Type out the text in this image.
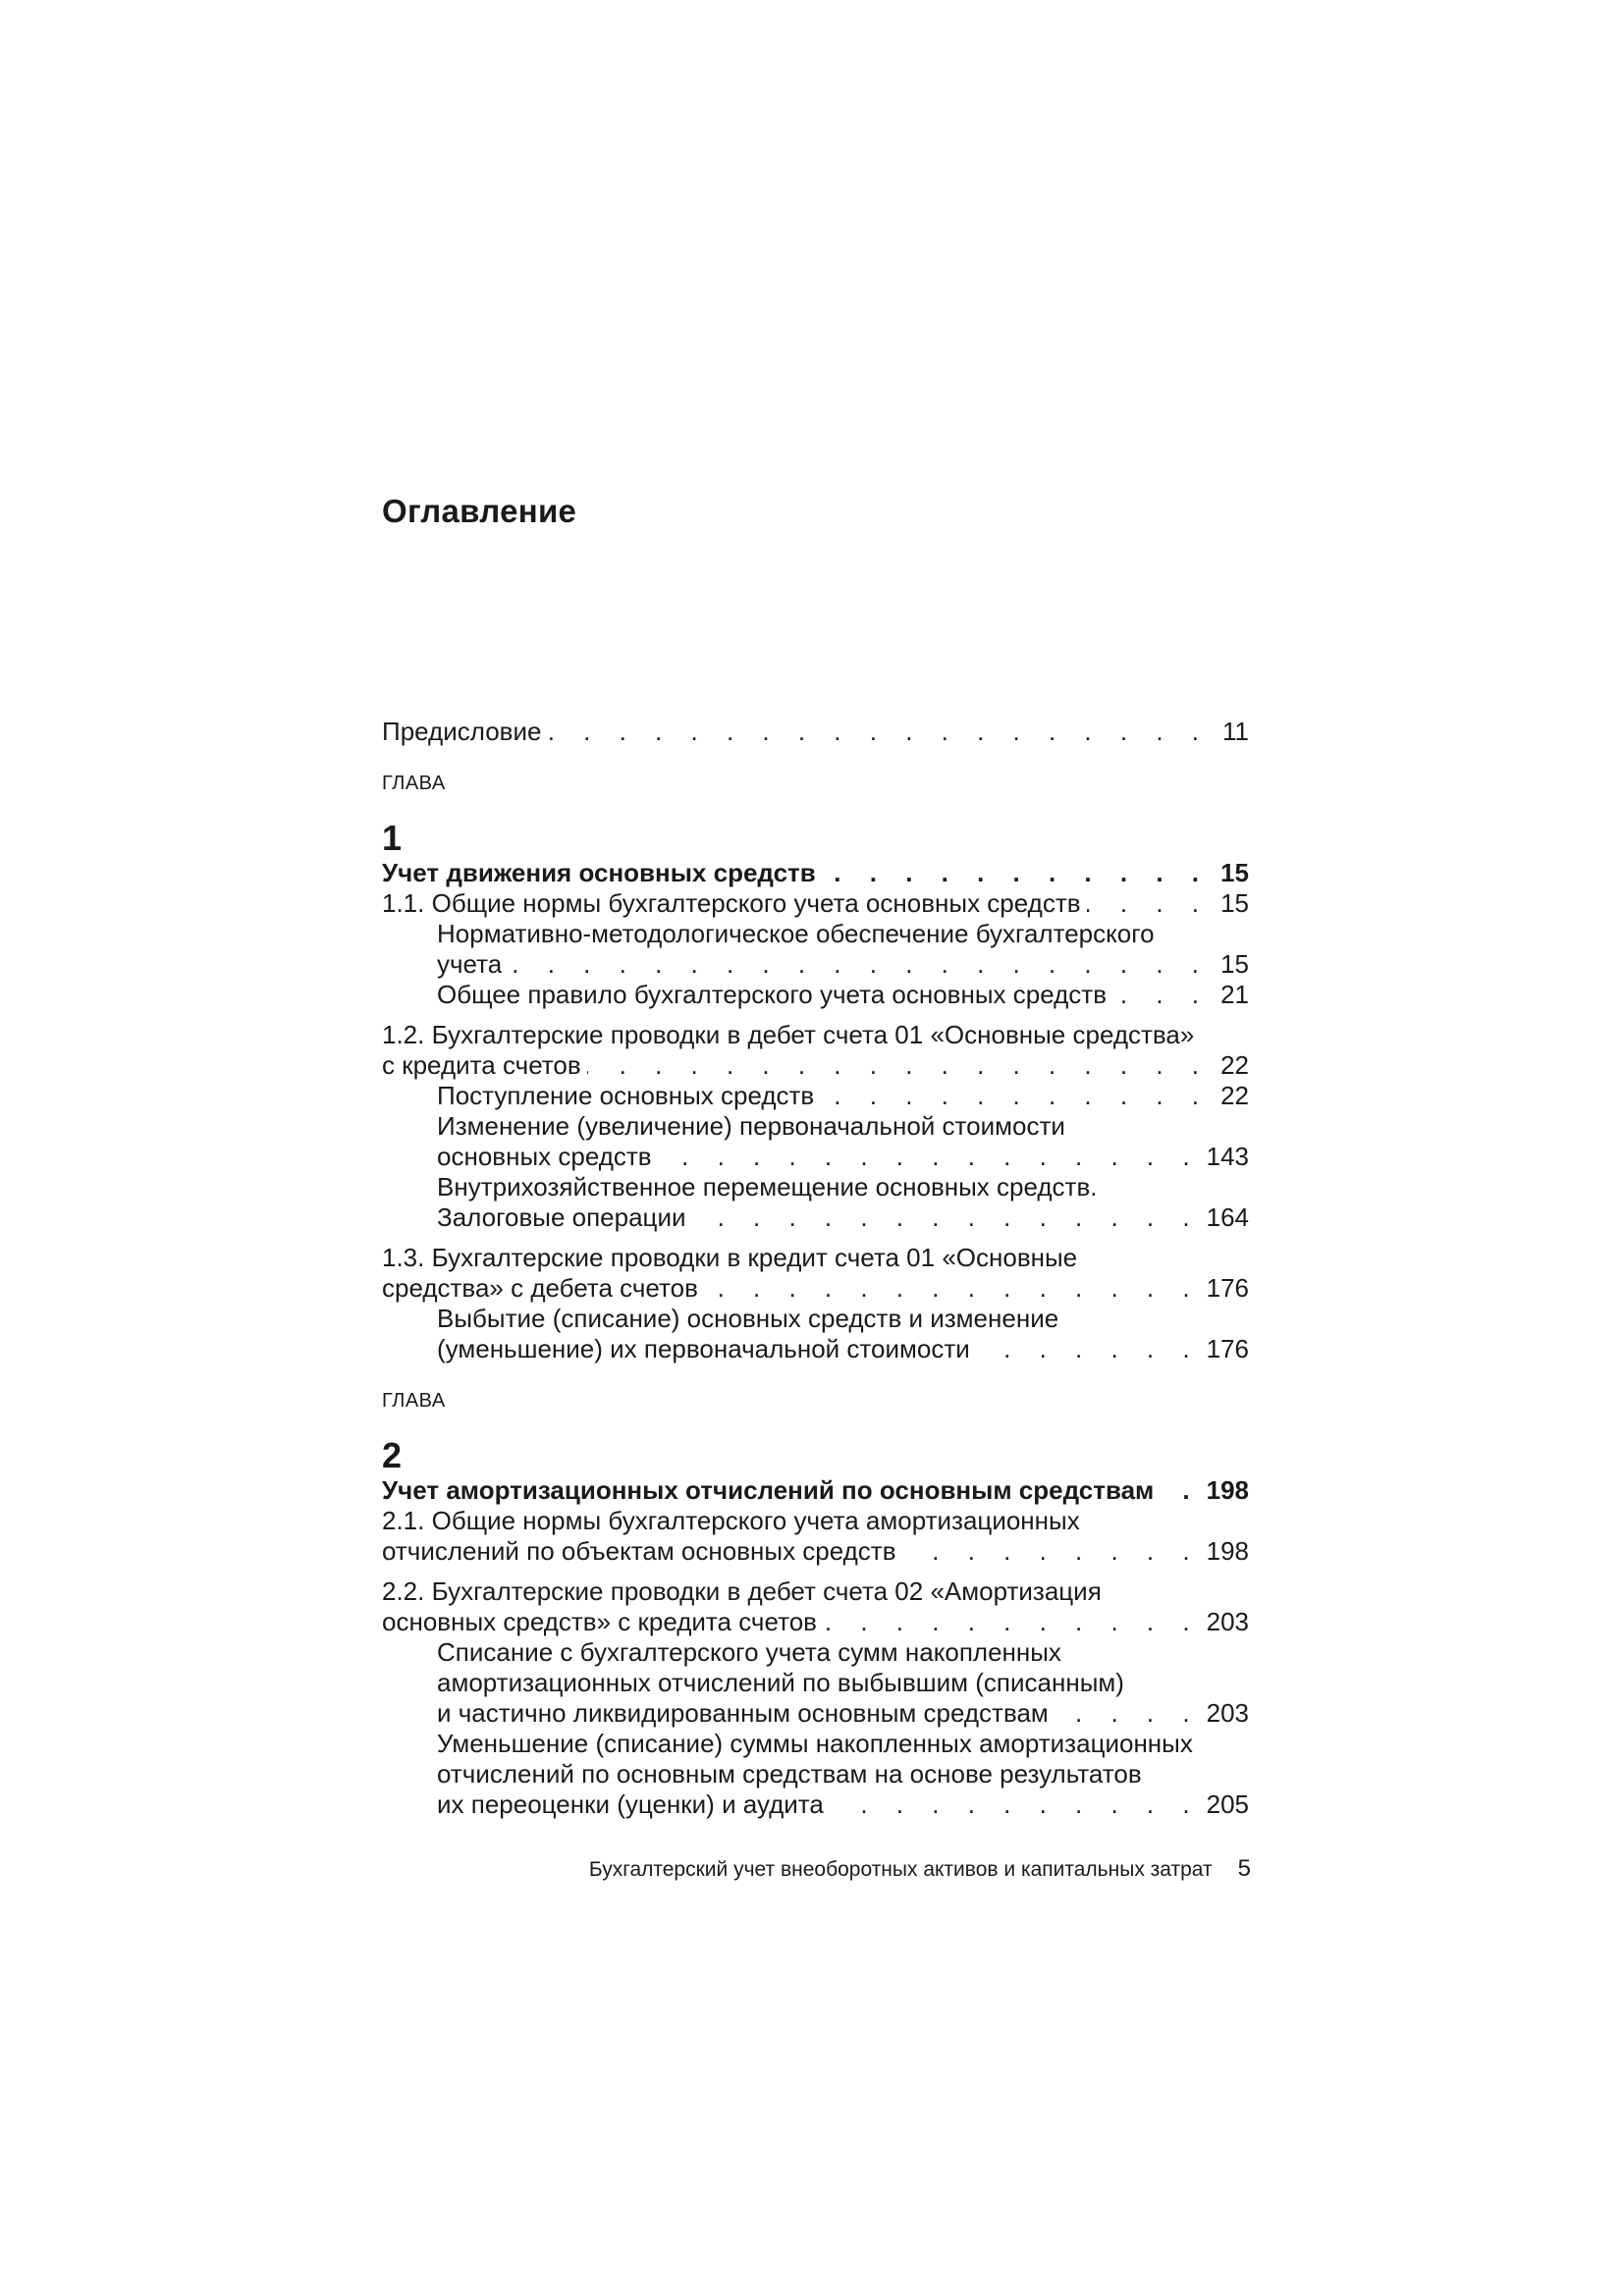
Оглавление
Предисловие . . .	11
ГЛАВА
1
Учет движения основных средств . . .	15
1.1. Общие нормы бухгалтерского учета основных средств . . .	15
Нормативно-методологическое обеспечение бухгалтерского
учета . . .	15
Общее правило бухгалтерского учета основных средств . . .	21
1.2. Бухгалтерские проводки в дебет счета 01 «Основные средства»
с кредита счетов . . .	22
Поступление основных средств . . .	22
Изменение (увеличение) первоначальной стоимости
основных средств . . .	143
Внутрихозяйственное перемещение основных средств.
Залоговые операции . . .	164
1.3. Бухгалтерские проводки в кредит счета 01 «Основные
средства» с дебета счетов . . .	176
Выбытие (списание) основных средств и изменение
(уменьшение) их первоначальной стоимости . . .	176
ГЛАВА
2
Учет амортизационных отчислений по основным средствам . . . 198
2.1. Общие нормы бухгалтерского учета амортизационных
отчислений по объектам основных средств . . .	198
2.2. Бухгалтерские проводки в дебет счета 02 «Амортизация
основных средств» с кредита счетов . . .	203
Списание с бухгалтерского учета сумм накопленных
амортизационных отчислений по выбывшим (списанным)
и частично ликвидированным основным средствам . . .	203
Уменьшение (списание) суммы накопленных амортизационных
отчислений по основным средствам на основе результатов
их переоценки (уценки) и аудита . . .	205
Бухгалтерский учет внеоборотных активов и капитальных затрат 5
